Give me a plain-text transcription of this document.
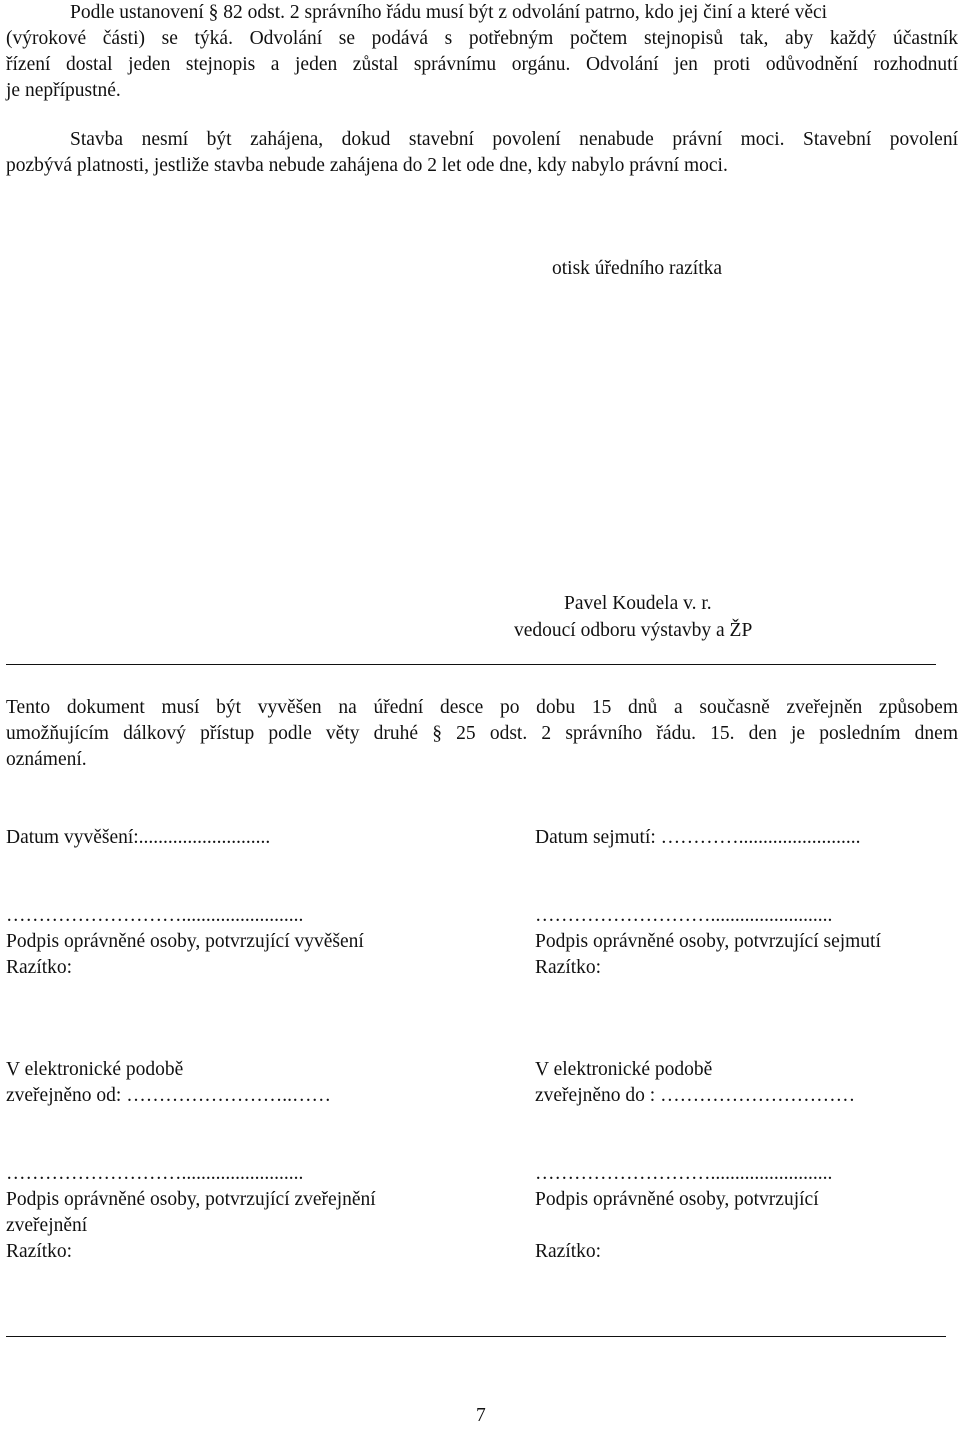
Podle ustanovení § 82 odst. 2 správního řádu musí být z odvolání patrno, kdo jej činí a které věci
(výrokové části) se týká. Odvolání se podává s potřebným počtem stejnopisů tak, aby každý účastník
řízení dostal jeden stejnopis a jeden zůstal správnímu orgánu. Odvolání jen proti odůvodnění rozhodnutí
je nepřípustné.
Stavba nesmí být zahájena, dokud stavební povolení nenabude právní moci. Stavební povolení
pozbývá platnosti, jestliže stavba nebude zahájena do 2 let ode dne, kdy nabylo právní moci.
otisk úředního razítka
Pavel Koudela v. r.
vedoucí odboru výstavby a ŽP
Tento dokument musí být vyvěšen na úřední desce po dobu 15 dnů a současně zveřejněn způsobem
umožňujícím dálkový přístup podle věty druhé § 25 odst. 2 správního řádu. 15. den je posledním dnem
oznámení.
Datum vyvěšení:...........................	Datum sejmutí: ………….........................
……………………….........................
Podpis oprávněné osoby, potvrzující vyvěšení
Razítko:
……………………….........................
Podpis oprávněné osoby, potvrzující sejmutí
Razítko:
V elektronické podobě
zveřejněno od: ……………………..……
V elektronické podobě
zveřejněno do : …………………………
……………………….........................
Podpis oprávněné osoby, potvrzující zveřejnění
zveřejnění
Razítko:
……………………….........................
Podpis oprávněné osoby, potvrzující
Razítko:
7
